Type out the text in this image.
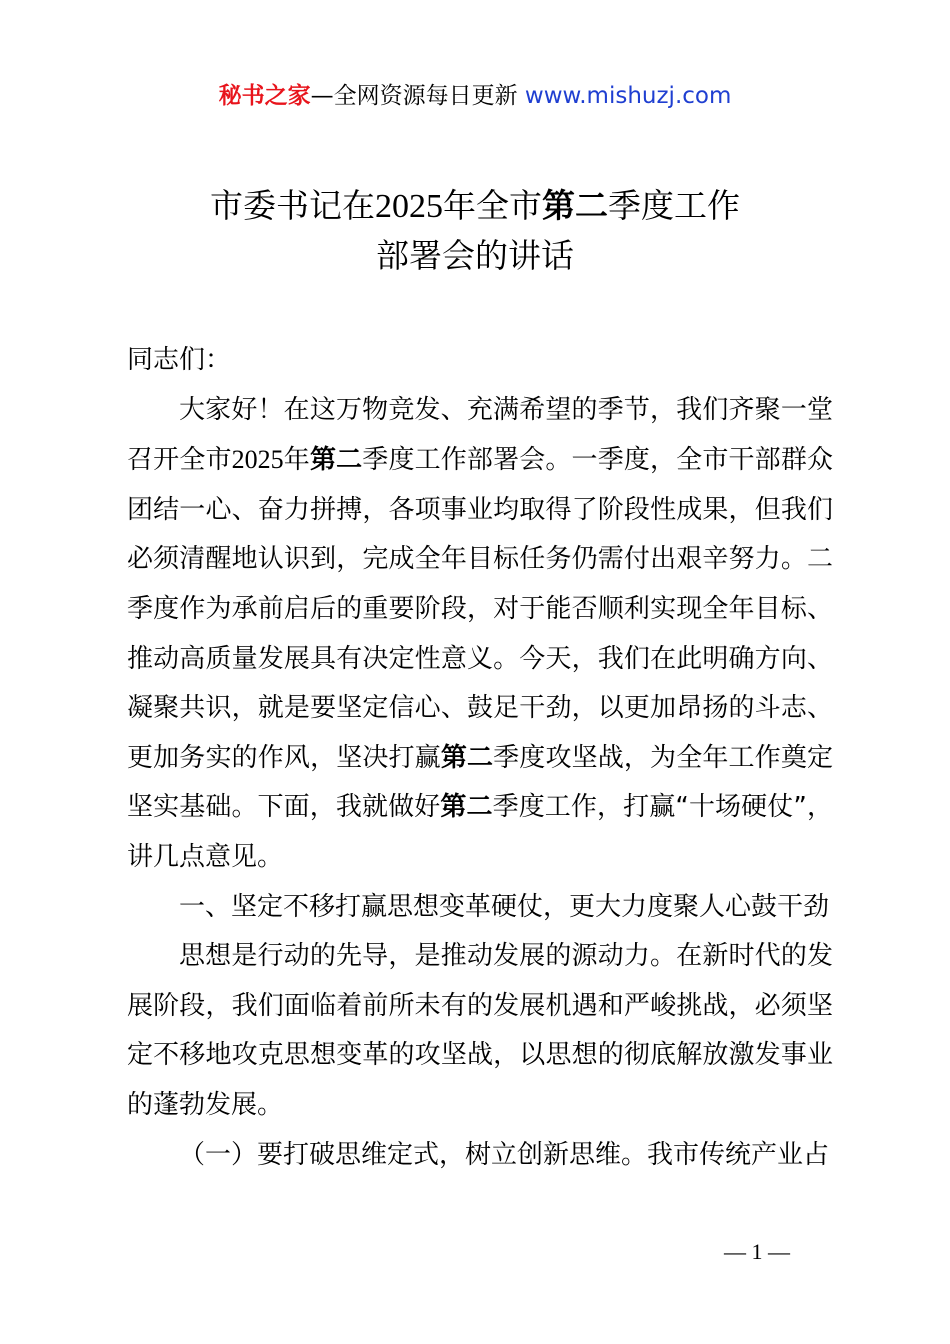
秘书之家—全网资源每日更新 www.mishuzj.com
市委书记在2025年全市第二季度工作
部署会的讲话

同志们：

大家好！在这万物竞发、充满希望的季节，我们齐聚一堂召开全市2025年第二季度工作部署会。一季度，全市干部群众团结一心、奋力拼搏，各项事业均取得了阶段性成果，但我们必须清醒地认识到，完成全年目标任务仍需付出艰辛努力。二季度作为承前启后的重要阶段，对于能否顺利实现全年目标、推动高质量发展具有决定性意义。今天，我们在此明确方向、凝聚共识，就是要坚定信心、鼓足干劲，以更加昂扬的斗志、更加务实的作风，坚决打赢第二季度攻坚战，为全年工作奠定坚实基础。下面，我就做好第二季度工作，打赢“十场硬仗”，讲几点意见。

一、坚定不移打赢思想变革硬仗，更大力度聚人心鼓干劲

思想是行动的先导，是推动发展的源动力。在新时代的发展阶段，我们面临着前所未有的发展机遇和严峻挑战，必须坚定不移地攻克思想变革的攻坚战，以思想的彻底解放激发事业的蓬勃发展。

（一）要打破思维定式，树立创新思维。我市传统产业占

— 1 —
